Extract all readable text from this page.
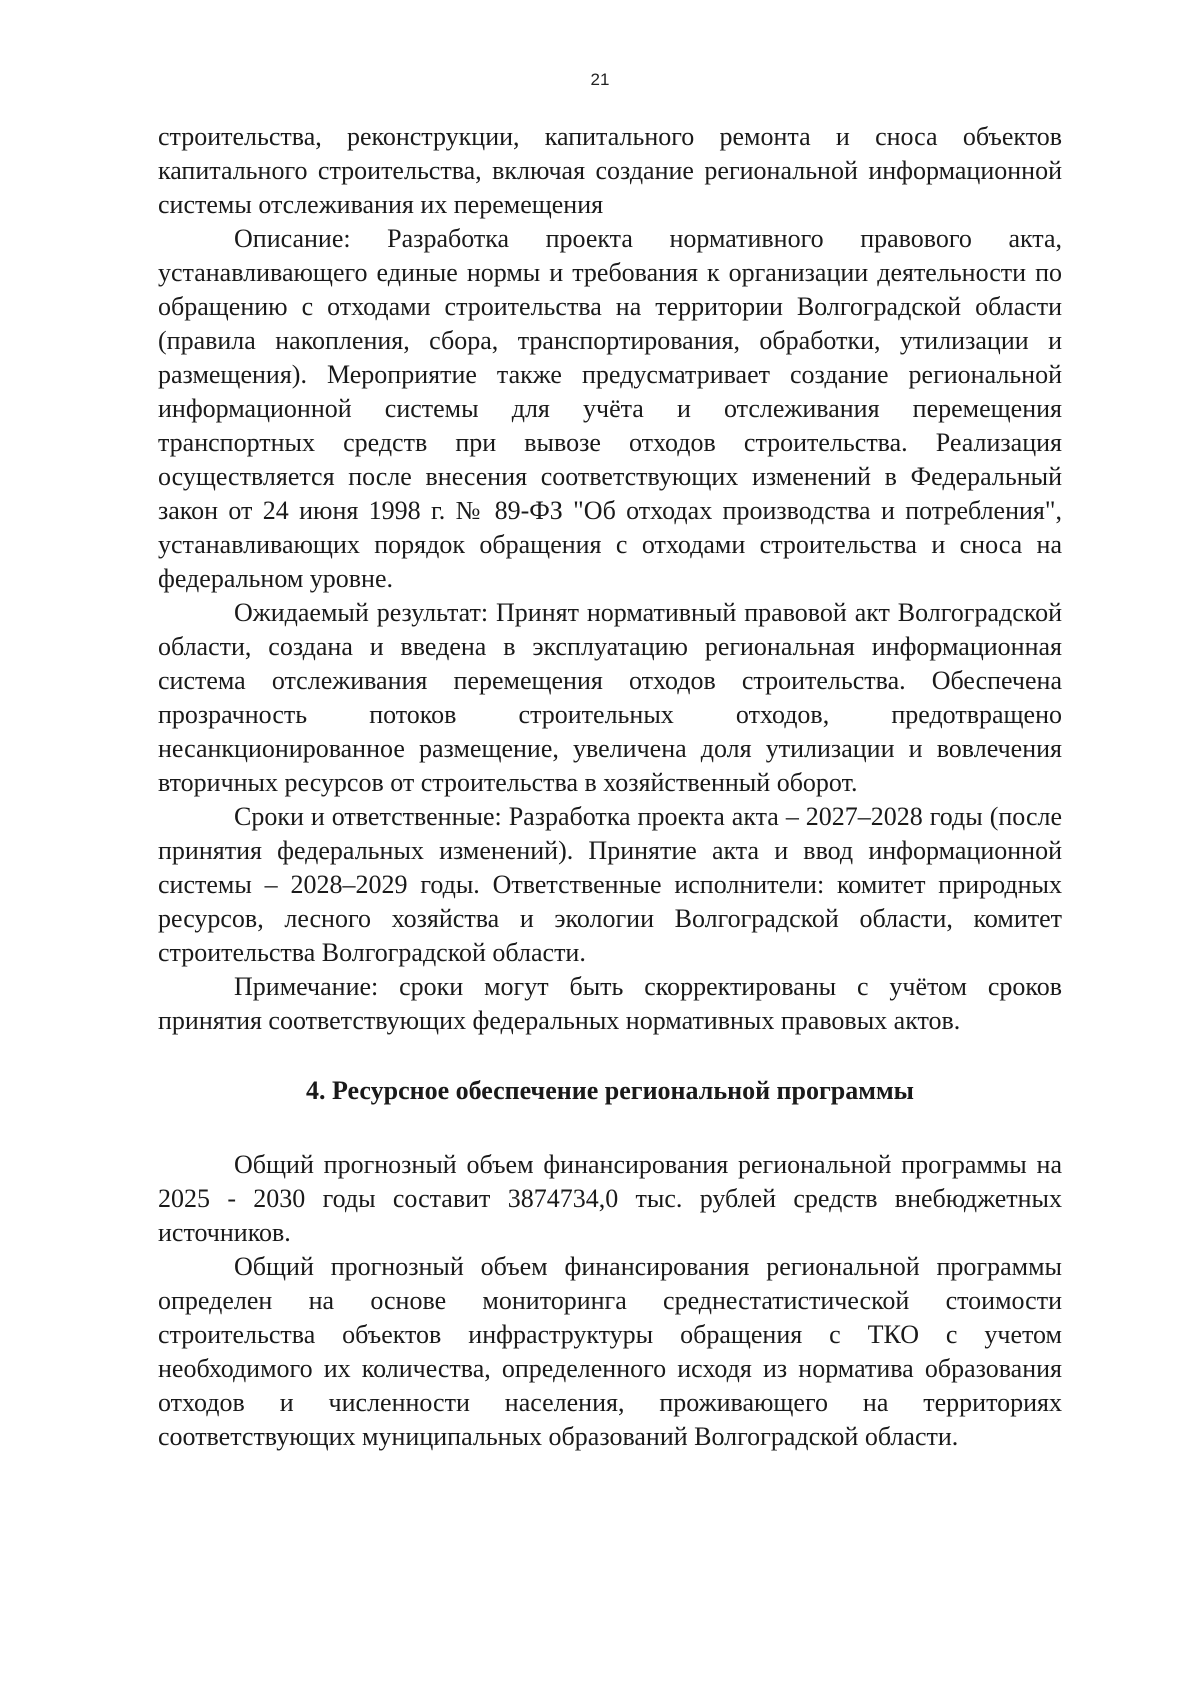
21

строительства, реконструкции, капитального ремонта и сноса объектов капитального строительства, включая создание региональной информационной системы отслеживания их перемещения

Описание: Разработка проекта нормативного правового акта, устанавливающего единые нормы и требования к организации деятельности по обращению с отходами строительства на территории Волгоградской области (правила накопления, сбора, транспортирования, обработки, утилизации и размещения). Мероприятие также предусматривает создание региональной информационной системы для учёта и отслеживания перемещения транспортных средств при вывозе отходов строительства. Реализация осуществляется после внесения соответствующих изменений в Федеральный закон от 24 июня 1998 г. № 89-ФЗ "Об отходах производства и потребления", устанавливающих порядок обращения с отходами строительства и сноса на федеральном уровне.

Ожидаемый результат: Принят нормативный правовой акт Волгоградской области, создана и введена в эксплуатацию региональная информационная система отслеживания перемещения отходов строительства. Обеспечена прозрачность потоков строительных отходов, предотвращено несанкционированное размещение, увеличена доля утилизации и вовлечения вторичных ресурсов от строительства в хозяйственный оборот.

Сроки и ответственные: Разработка проекта акта – 2027–2028 годы (после принятия федеральных изменений). Принятие акта и ввод информационной системы – 2028–2029 годы. Ответственные исполнители: комитет природных ресурсов, лесного хозяйства и экологии Волгоградской области, комитет строительства Волгоградской области.

Примечание: сроки могут быть скорректированы с учётом сроков принятия соответствующих федеральных нормативных правовых актов.

4. Ресурсное обеспечение региональной программы

Общий прогнозный объем финансирования региональной программы на 2025 - 2030 годы составит 3874734,0 тыс. рублей средств внебюджетных источников.

Общий прогнозный объем финансирования региональной программы определен на основе мониторинга среднестатистической стоимости строительства объектов инфраструктуры обращения с ТКО с учетом необходимого их количества, определенного исходя из норматива образования отходов и численности населения, проживающего на территориях соответствующих муниципальных образований Волгоградской области.
